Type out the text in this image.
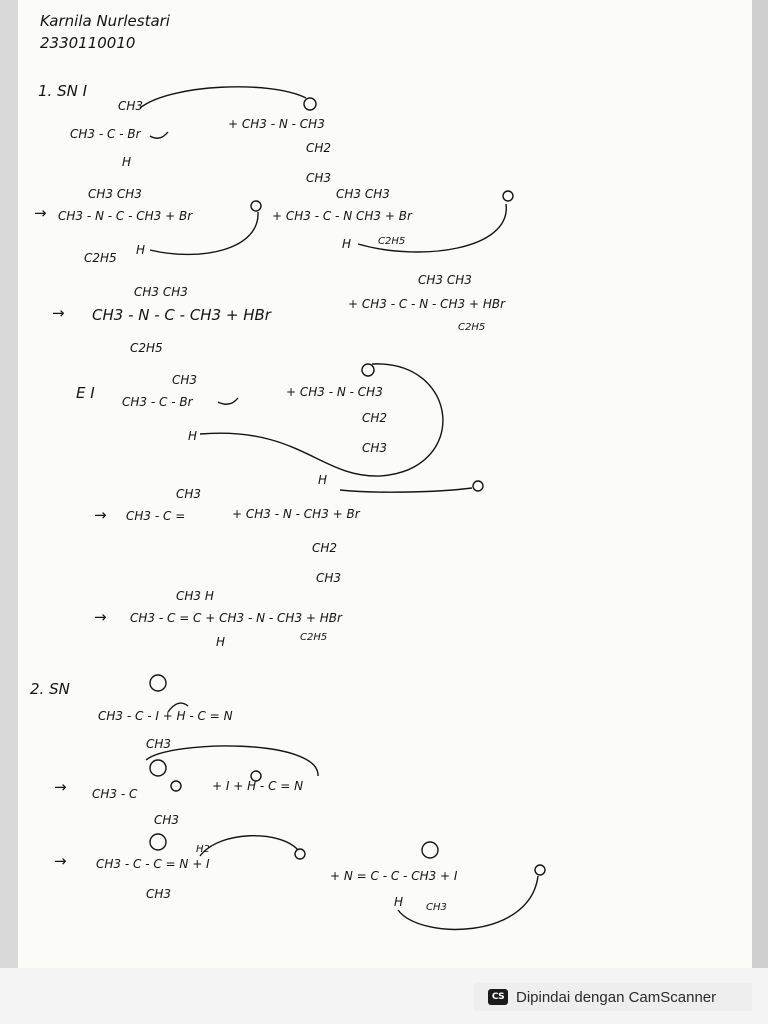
Karnila Nurlestari
2330110010
1. SN I
CH3
CH3 - C - Br
H
+ CH3 - N - CH3
CH2
CH3
→
CH3 CH3
CH3 - N - C - CH3 + Br
C2H5
H
CH3 CH3
+ CH3 - C - N CH3 + Br
H	C2H5
→
CH3 CH3
CH3 - N - C - CH3 + HBr
C2H5
CH3 CH3
+ CH3 - C - N - CH3 + HBr
C2H5
E I
CH3
CH3 - C - Br
H
+ CH3 - N - CH3
CH2
CH3
→
CH3
CH3 - C =	+ CH3 - N - CH3 + Br
H
CH2
CH3
→
CH3 H
CH3 - C = C + CH3 - N - CH3 + HBr
H	C2H5
2. SN
CH3 - C - I + H - C = N
CH3
→ CH3 - C
+ I + H - C = N
CH3
→
H2
CH3 - C - C = N + I
CH3
+ N = C - C - CH3 + I
H CH3
CS Dipindai dengan CamScanner
